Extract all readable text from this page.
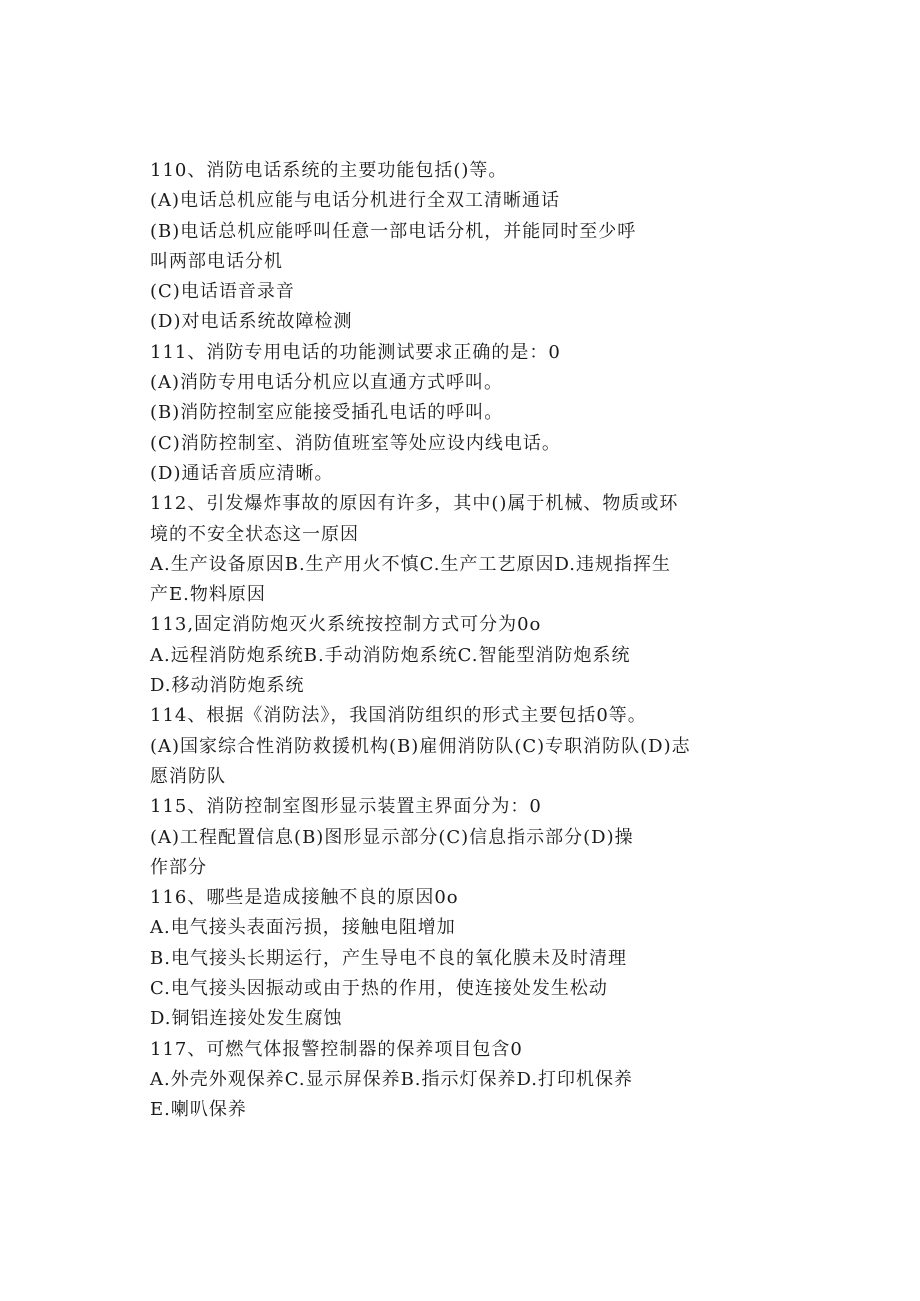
110、消防电话系统的主要功能包括()等。
(A)电话总机应能与电话分机进行全双工清晰通话
(B)电话总机应能呼叫任意一部电话分机，并能同时至少呼
叫两部电话分机
(C)电话语音录音
(D)对电话系统故障检测
111、消防专用电话的功能测试要求正确的是：0
(A)消防专用电话分机应以直通方式呼叫。
(B)消防控制室应能接受插孔电话的呼叫。
(C)消防控制室、消防值班室等处应设内线电话。
(D)通话音质应清晰。
112、引发爆炸事故的原因有许多，其中()属于机械、物质或环
境的不安全状态这一原因
A.生产设备原因B.生产用火不慎C.生产工艺原因D.违规指挥生
产E.物料原因
113,固定消防炮灭火系统按控制方式可分为0o
A.远程消防炮系统B.手动消防炮系统C.智能型消防炮系统
D.移动消防炮系统
114、根据《消防法》，我国消防组织的形式主要包括0等。
(A)国家综合性消防救援机构(B)雇佣消防队(C)专职消防队(D)志
愿消防队
115、消防控制室图形显示装置主界面分为：0
(A)工程配置信息(B)图形显示部分(C)信息指示部分(D)操
作部分
116、哪些是造成接触不良的原因0o
A.电气接头表面污损，接触电阻增加
B.电气接头长期运行，产生导电不良的氧化膜未及时清理
C.电气接头因振动或由于热的作用，使连接处发生松动
D.铜铝连接处发生腐蚀
117、可燃气体报警控制器的保养项目包含0
A.外壳外观保养C.显示屏保养B.指示灯保养D.打印机保养
E.喇叭保养
